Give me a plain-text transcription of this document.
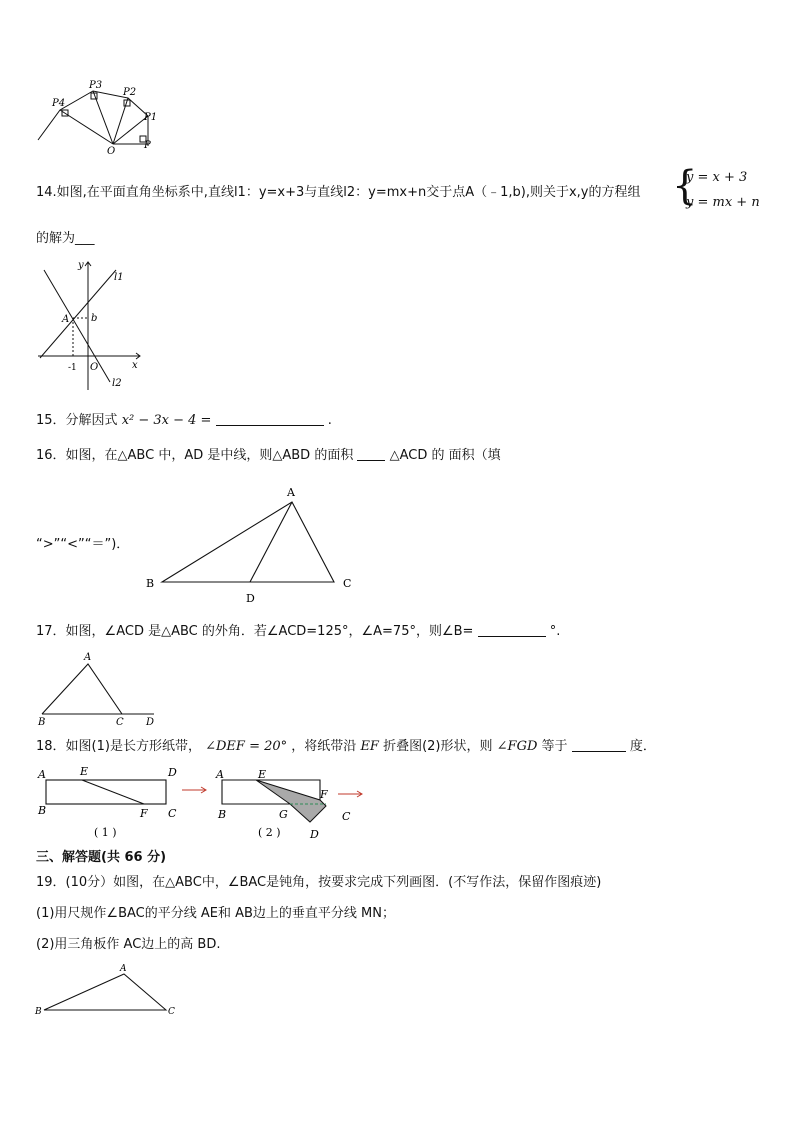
P4
P3
P2
P1
O
P
14.如图,在平面直角坐标系中,直线l1：y=x+3与直线l2：y=mx+n交于点A（﹣1,b),则关于x,y的方程组 {
y = x + 3
y = mx + n
的解为___
y
l1
A b
-1 O	x
l2
15．分解因式 x² − 3x − 4 =	.
16．如图，在△ABC 中，AD 是中线，则△ABD 的面积	△ACD 的 面积（填
“>”“<”“＝”)．
A
B	C
D
17．如图，∠ACD 是△ABC 的外角．若∠ACD=125°，∠A=75°，则∠B=	°.
A
B	C D
18．如图(1)是长方形纸带， ∠DEF = 20° ，将纸带沿 EF 折叠图(2)形状，则 ∠FGD 等于	度．
A	E	D
B	F C
( 1 )
A	E
F
B	G	C
D
( 2 )
三、解答题(共 66 分)
19．(10分）如图，在△ABC中，∠BAC是钝角，按要求完成下列画图．(不写作法，保留作图痕迹)
(1)用尺规作∠BAC的平分线 AE和 AB边上的垂直平分线 MN；
(2)用三角板作 AC边上的高 BD.
A
B	C
